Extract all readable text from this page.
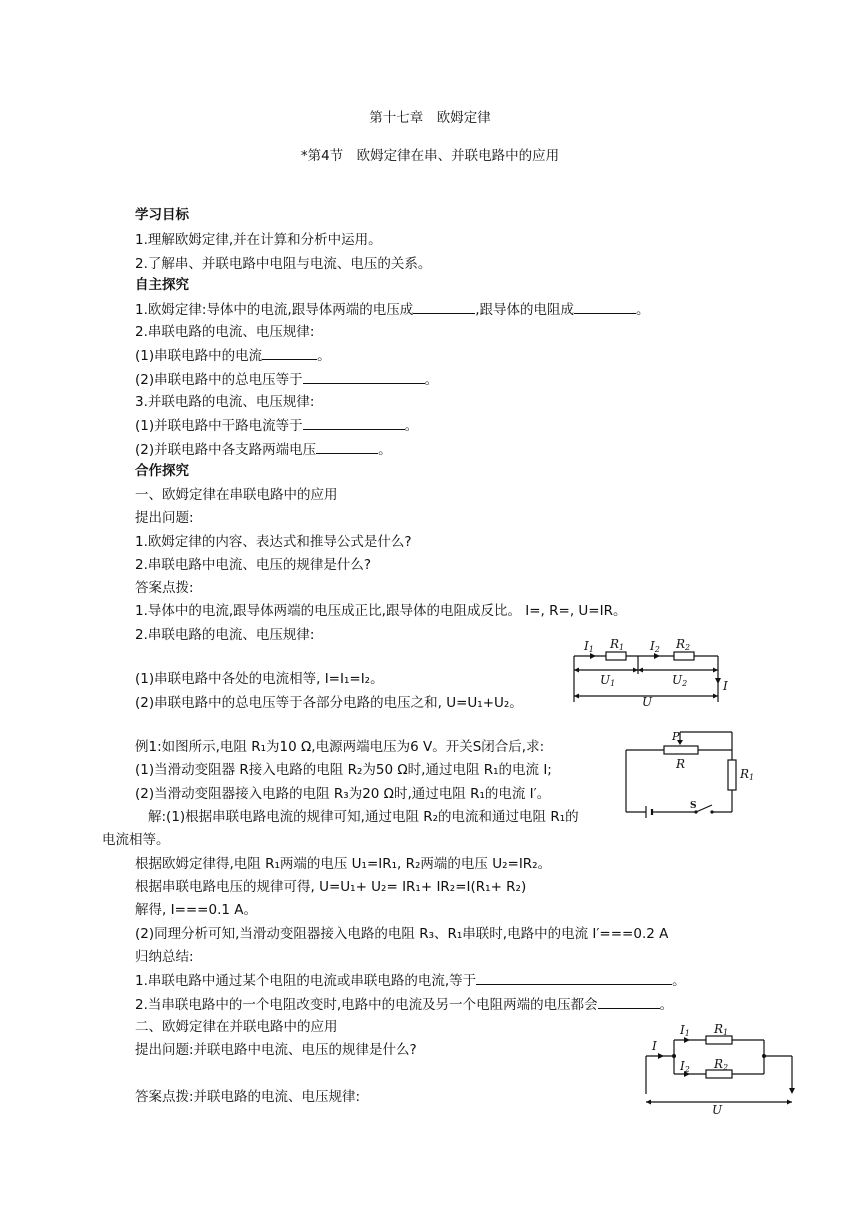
第十七章　欧姆定律
*第4节　欧姆定律在串、并联电路中的应用
学习目标
1.理解欧姆定律,并在计算和分析中运用。
2.了解串、并联电路中电阻与电流、电压的关系。
自主探究
1.欧姆定律:导体中的电流,跟导体两端的电压成	,跟导体的电阻成	。
2.串联电路的电流、电压规律:
(1)串联电路中的电流	。
(2)串联电路中的总电压等于	。
3.并联电路的电流、电压规律:
(1)并联电路中干路电流等于	。
(2)并联电路中各支路两端电压	。
合作探究
一、欧姆定律在串联电路中的应用
提出问题:
1.欧姆定律的内容、表达式和推导公式是什么?
2.串联电路中电流、电压的规律是什么?
答案点拨:
1.导体中的电流,跟导体两端的电压成正比,跟导体的电阻成反比。 I=, R=, U=IR。
2.串联电路的电流、电压规律:
(1)串联电路中各处的电流相等, I=I₁=I₂。
(2)串联电路中的总电压等于各部分电路的电压之和, U=U₁+U₂。
I1 R1 I2 R2
U1	U2
U
I
例1:如图所示,电阻 R₁为10 Ω,电源两端电压为6 V。开关S闭合后,求:
(1)当滑动变阻器 R接入电路的电阻 R₂为50 Ω时,通过电阻 R₁的电流 I;
(2)当滑动变阻器接入电路的电阻 R₃为20 Ω时,通过电阻 R₁的电流 I′。
P
R
R1
S
解:(1)根据串联电路电流的规律可知,通过电阻 R₂的电流和通过电阻 R₁的
电流相等。
根据欧姆定律得,电阻 R₁两端的电压 U₁=IR₁, R₂两端的电压 U₂=IR₂。
根据串联电路电压的规律可得, U=U₁+ U₂= IR₁+ IR₂=I(R₁+ R₂)
解得, I===0.1 A。
(2)同理分析可知,当滑动变阻器接入电路的电阻 R₃、R₁串联时,电路中的电流 I′===0.2 A
归纳总结:
1.串联电路中通过某个电阻的电流或串联电路的电流,等于	。
2.当串联电路中的一个电阻改变时,电路中的电流及另一个电阻两端的电压都会	。
二、欧姆定律在并联电路中的应用
提出问题:并联电路中电流、电压的规律是什么?
答案点拨:并联电路的电流、电压规律:
I
I1 R1
I2 R2
U
